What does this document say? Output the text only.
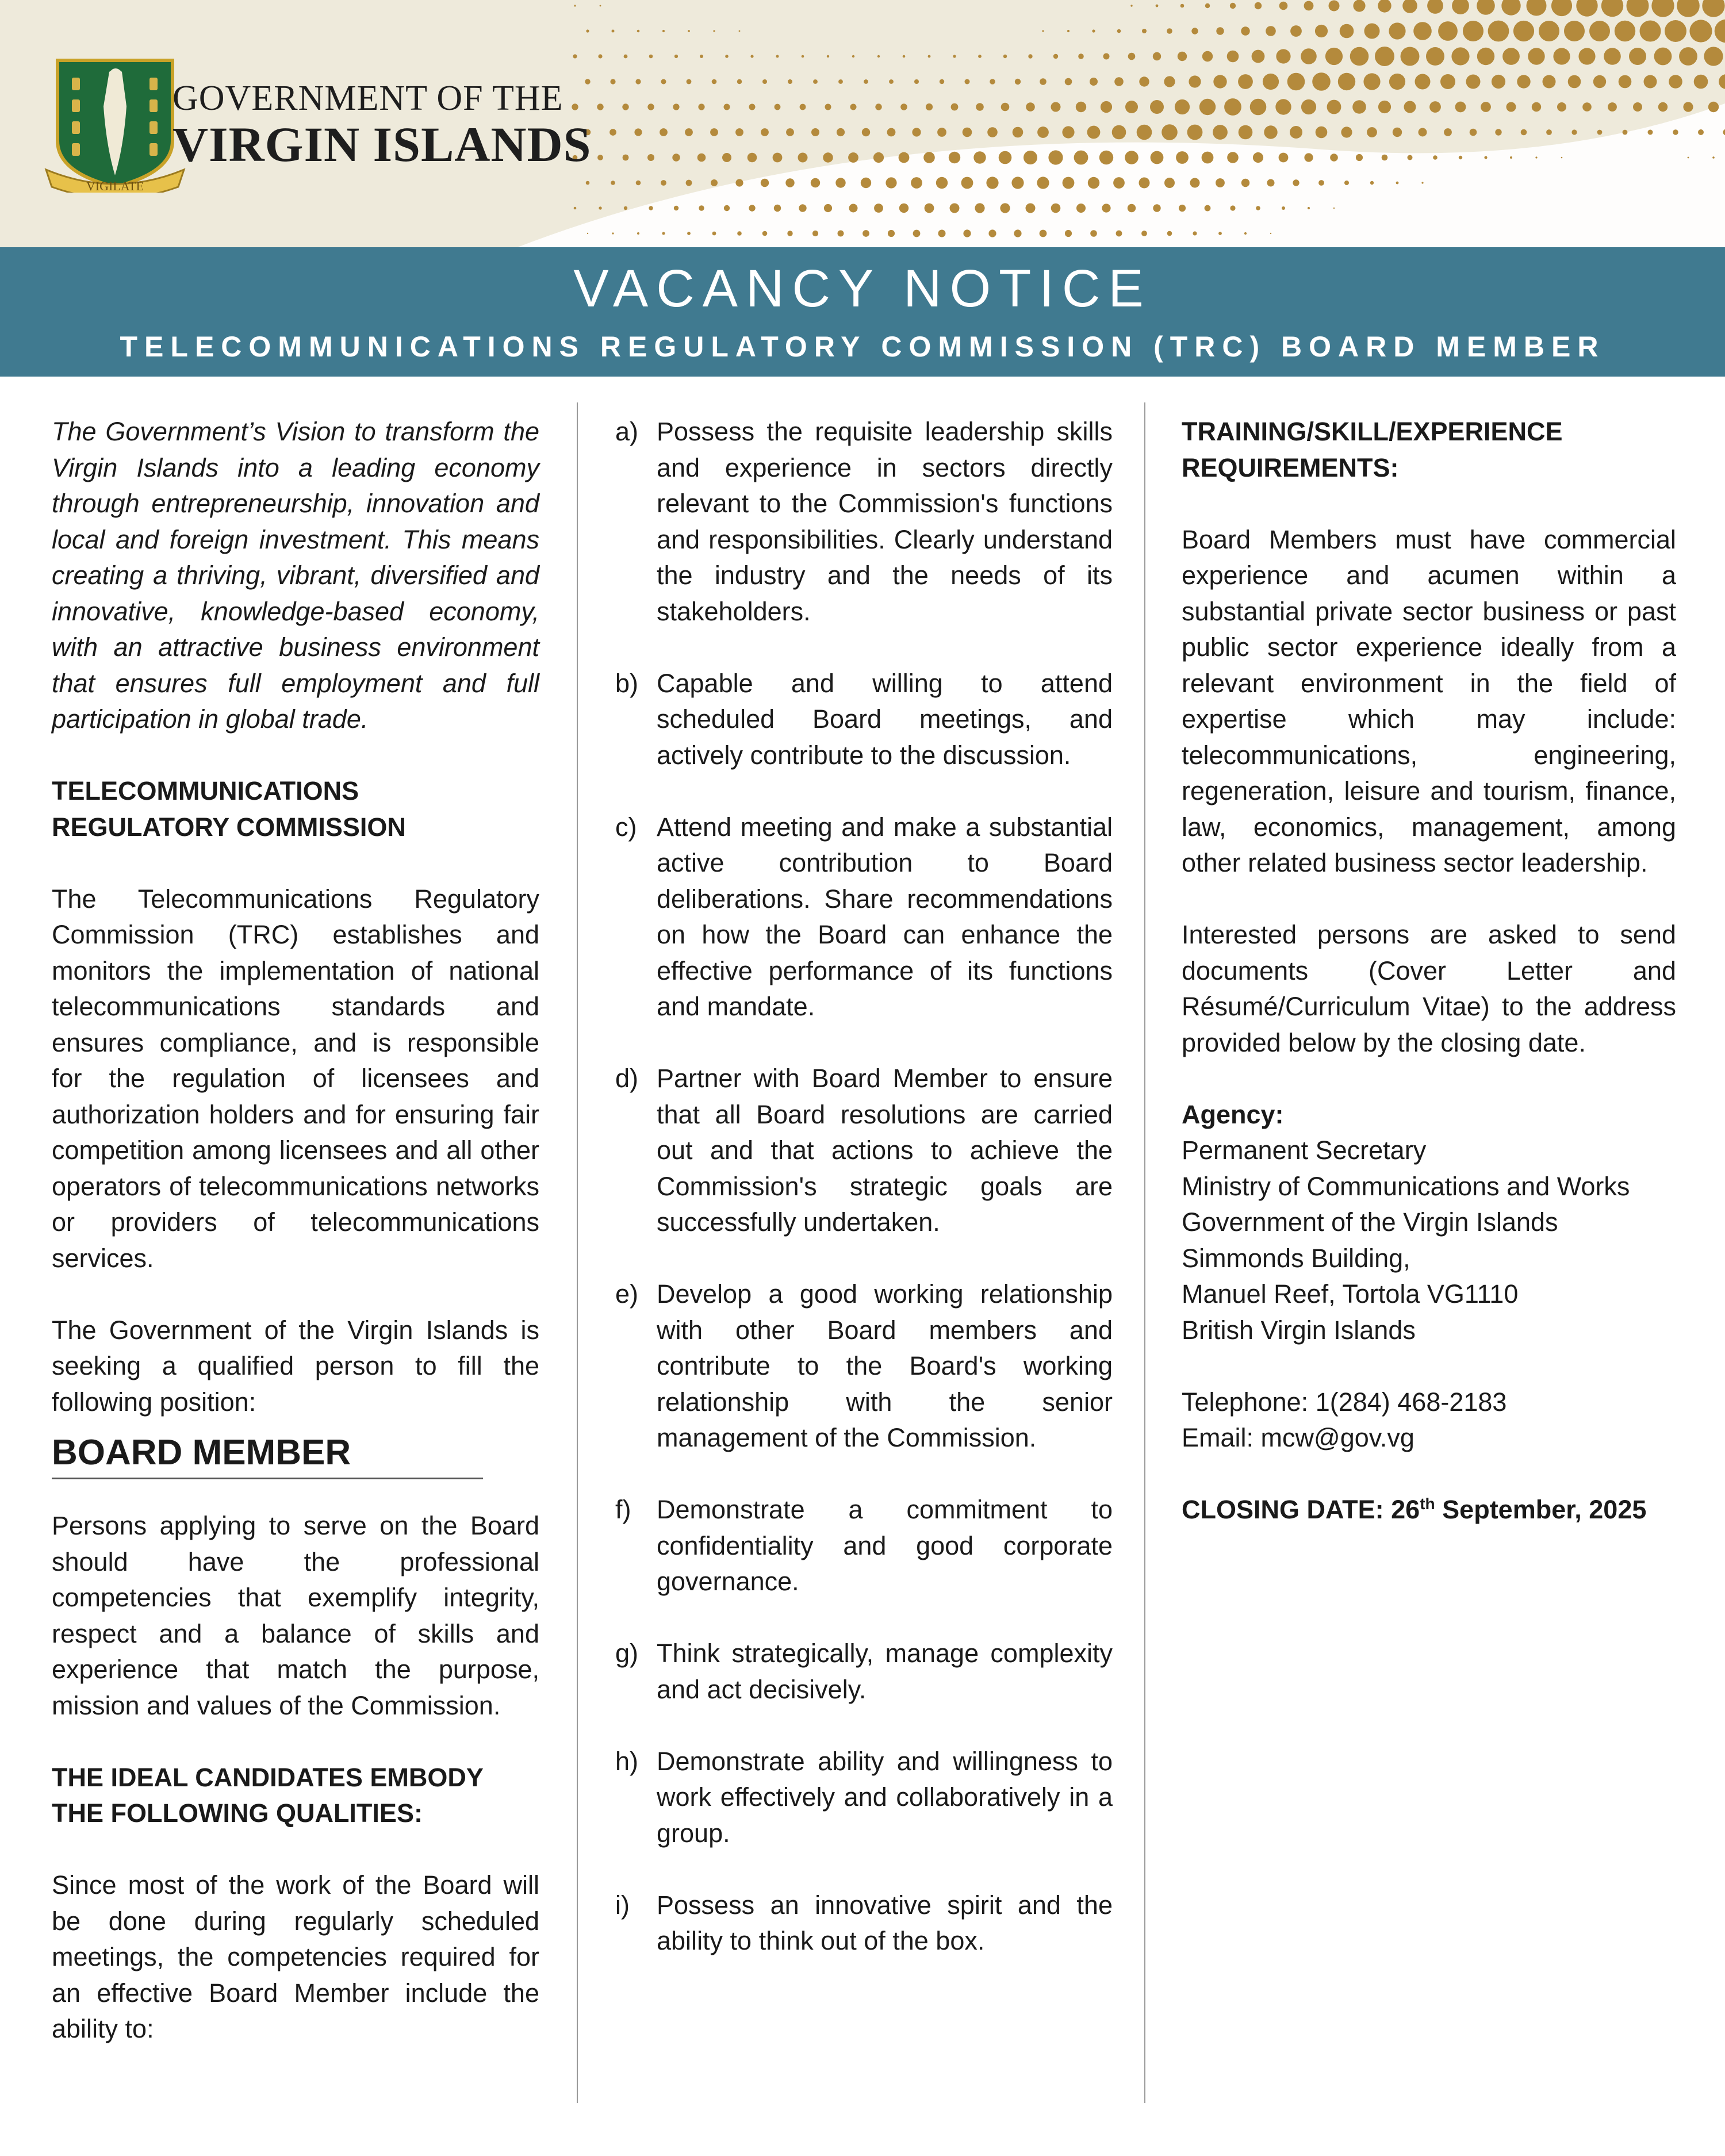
VIGILATE
GOVERNMENT OF THE
VIRGIN ISLANDS
VACANCY NOTICE
TELECOMMUNICATIONS REGULATORY COMMISSION (TRC) BOARD MEMBER

The Government’s Vision to transform the Virgin Islands into a leading economy through entrepreneurship, innovation and local and foreign investment. This means creating a thriving, vibrant, diversified and innovative, knowledge-based economy, with an attractive business environment that ensures full employment and full participation in global trade.

TELECOMMUNICATIONS REGULATORY COMMISSION

The Telecommunications Regulatory Commission (TRC) establishes and monitors the implementation of national telecommunications standards and ensures compliance, and is responsible for the regulation of licensees and authorization holders and for ensuring fair competition among licensees and all other operators of telecommunications networks or providers of telecommunications services.

The Government of the Virgin Islands is seeking a qualified person to fill the following position:

BOARD MEMBER

Persons applying to serve on the Board should have the professional competencies that exemplify integrity, respect and a balance of skills and experience that match the purpose, mission and values of the Commission.

THE IDEAL CANDIDATES EMBODY THE FOLLOWING QUALITIES:

Since most of the work of the Board will be done during regularly scheduled meetings, the competencies required for an effective Board Member include the ability to:

a) Possess the requisite leadership skills and experience in sectors directly relevant to the Commission's functions and responsibilities. Clearly understand the industry and the needs of its stakeholders.
b) Capable and willing to attend scheduled Board meetings, and actively contribute to the discussion.
c) Attend meeting and make a substantial active contribution to Board deliberations. Share recommendations on how the Board can enhance the effective performance of its functions and mandate.
d) Partner with Board Member to ensure that all Board resolutions are carried out and that actions to achieve the Commission's strategic goals are successfully undertaken.
e) Develop a good working relationship with other Board members and contribute to the Board's working relationship with the senior management of the Commission.
f) Demonstrate a commitment to confidentiality and good corporate governance.
g) Think strategically, manage complexity and act decisively.
h) Demonstrate ability and willingness to work effectively and collaboratively in a group.
i)	Possess an innovative spirit and the ability to think out of the box.

TRAINING/SKILL/EXPERIENCE REQUIREMENTS:

Board Members must have commercial experience and acumen within a substantial private sector business or past public sector experience ideally from a relevant environment in the field of expertise which may include: telecommunications, engineering, regeneration, leisure and tourism, finance, law, economics, management, among other related business sector leadership.

Interested persons are asked to send documents (Cover Letter and Résumé/Curriculum Vitae) to the address provided below by the closing date.

Agency:

Permanent Secretary
Ministry of Communications and Works
Government of the Virgin Islands
Simmonds Building,
Manuel Reef, Tortola VG1110
British Virgin Islands
Telephone: 1(284) 468-2183
Email: mcw@gov.vg

CLOSING DATE: 26th September, 2025
